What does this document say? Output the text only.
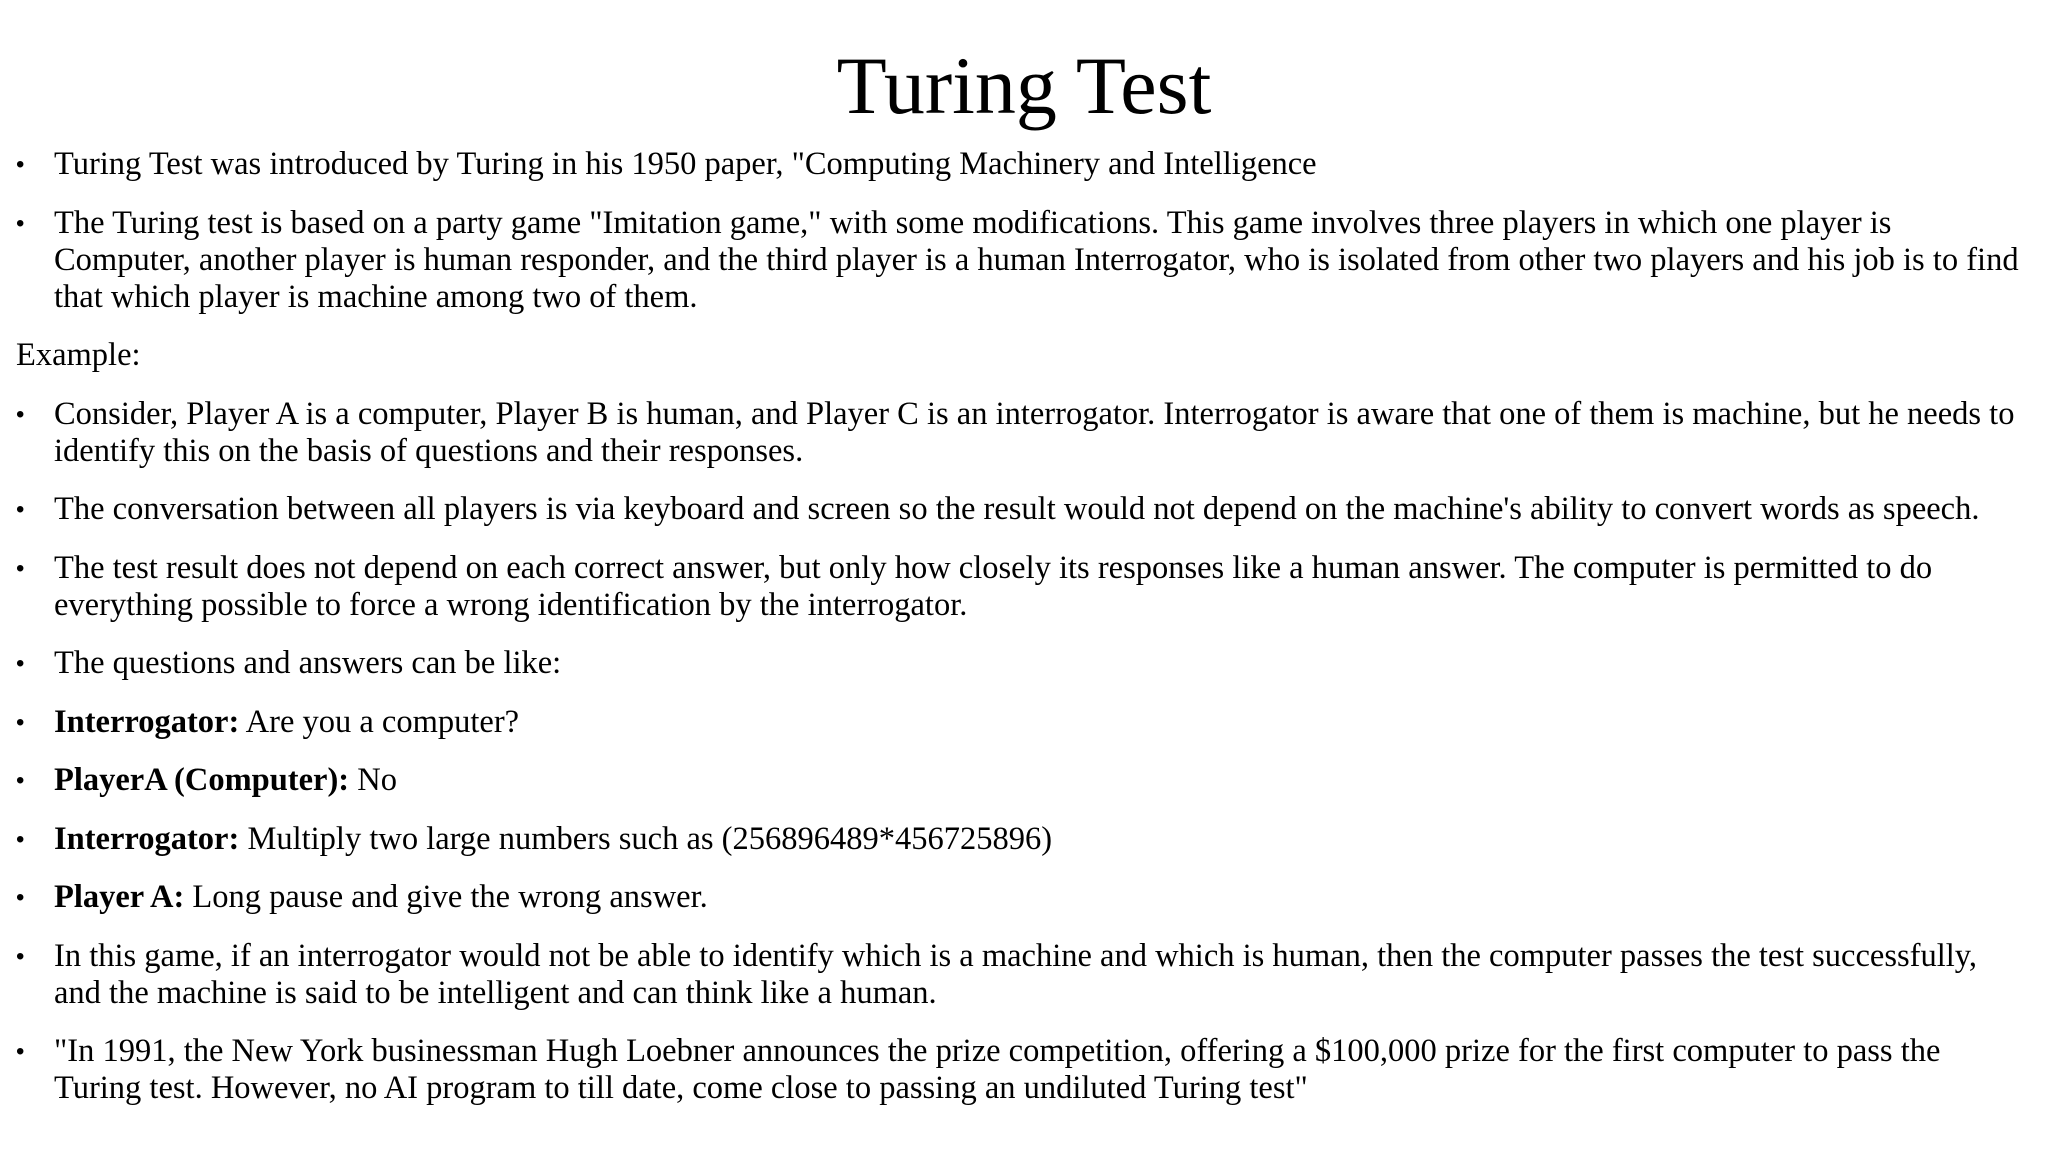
Turing Test
• Turing Test was introduced by Turing in his 1950 paper, "Computing Machinery and Intelligence
• The Turing test is based on a party game "Imitation game," with some modifications. This game involves three players in which one player is Computer, another player is human responder, and the third player is a human Interrogator, who is isolated from other two players and his job is to find that which player is machine among two of them.
Example:
• Consider, Player A is a computer, Player B is human, and Player C is an interrogator. Interrogator is aware that one of them is machine, but he needs to identify this on the basis of questions and their responses.
• The conversation between all players is via keyboard and screen so the result would not depend on the machine's ability to convert words as speech.
• The test result does not depend on each correct answer, but only how closely its responses like a human answer. The computer is permitted to do everything possible to force a wrong identification by the interrogator.
• The questions and answers can be like:
• Interrogator: Are you a computer?
• PlayerA (Computer): No
• Interrogator: Multiply two large numbers such as (256896489*456725896)
• Player A: Long pause and give the wrong answer.
• In this game, if an interrogator would not be able to identify which is a machine and which is human, then the computer passes the test successfully, and the machine is said to be intelligent and can think like a human.
• "In 1991, the New York businessman Hugh Loebner announces the prize competition, offering a $100,000 prize for the first computer to pass the Turing test. However, no AI program to till date, come close to passing an undiluted Turing test"
